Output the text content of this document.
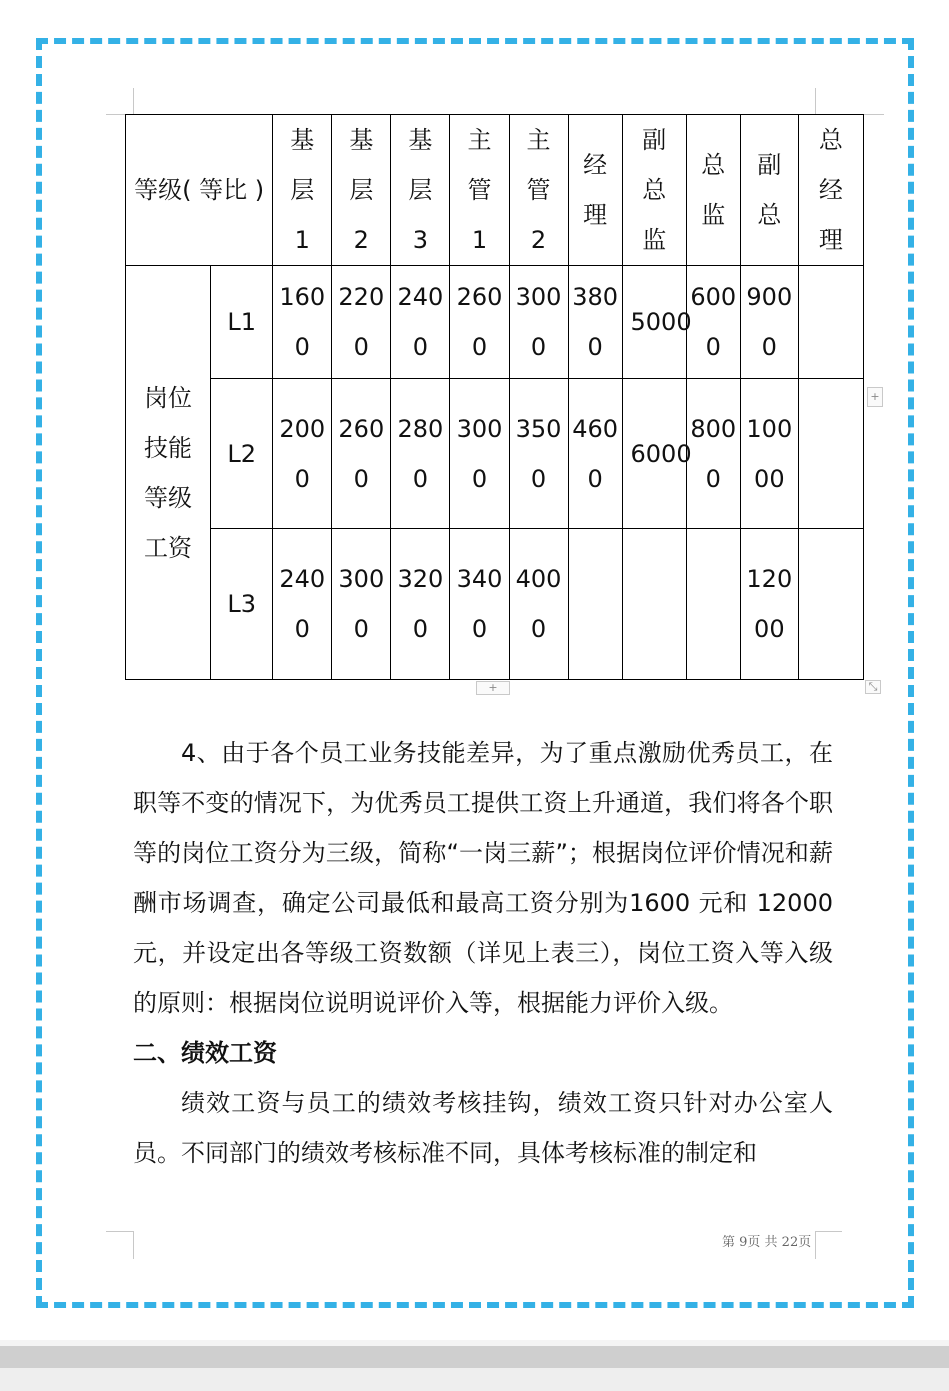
等级( 等比 )		基层1	基层2	基层3	主管1	主管2	经理	副总监	总监	副总	总经理
岗位技能等级工资	L1	1600	2200	2400	2600	3000	3800	5000	6000	9000	
	L2	2000	2600	2800	3000	3500	4600	6000	8000	10000	
	L3	2400	3000	3200	3400	4000				12000	
+
+	⤡

4、由于各个员工业务技能差异，为了重点激励优秀员工，在职等不变的情况下，为优秀员工提供工资上升通道，我们将各个职等的岗位工资分为三级，简称“一岗三薪”；根据岗位评价情况和薪酬市场调查，确定公司最低和最高工资分别为1600 元和 12000 元，并设定出各等级工资数额（详见上表三），岗位工资入等入级的原则：根据岗位说明说评价入等，根据能力评价入级。

二、绩效工资

绩效工资与员工的绩效考核挂钩，绩效工资只针对办公室人员。不同部门的绩效考核标准不同，具体考核标准的制定和

第 9页 共 22页
